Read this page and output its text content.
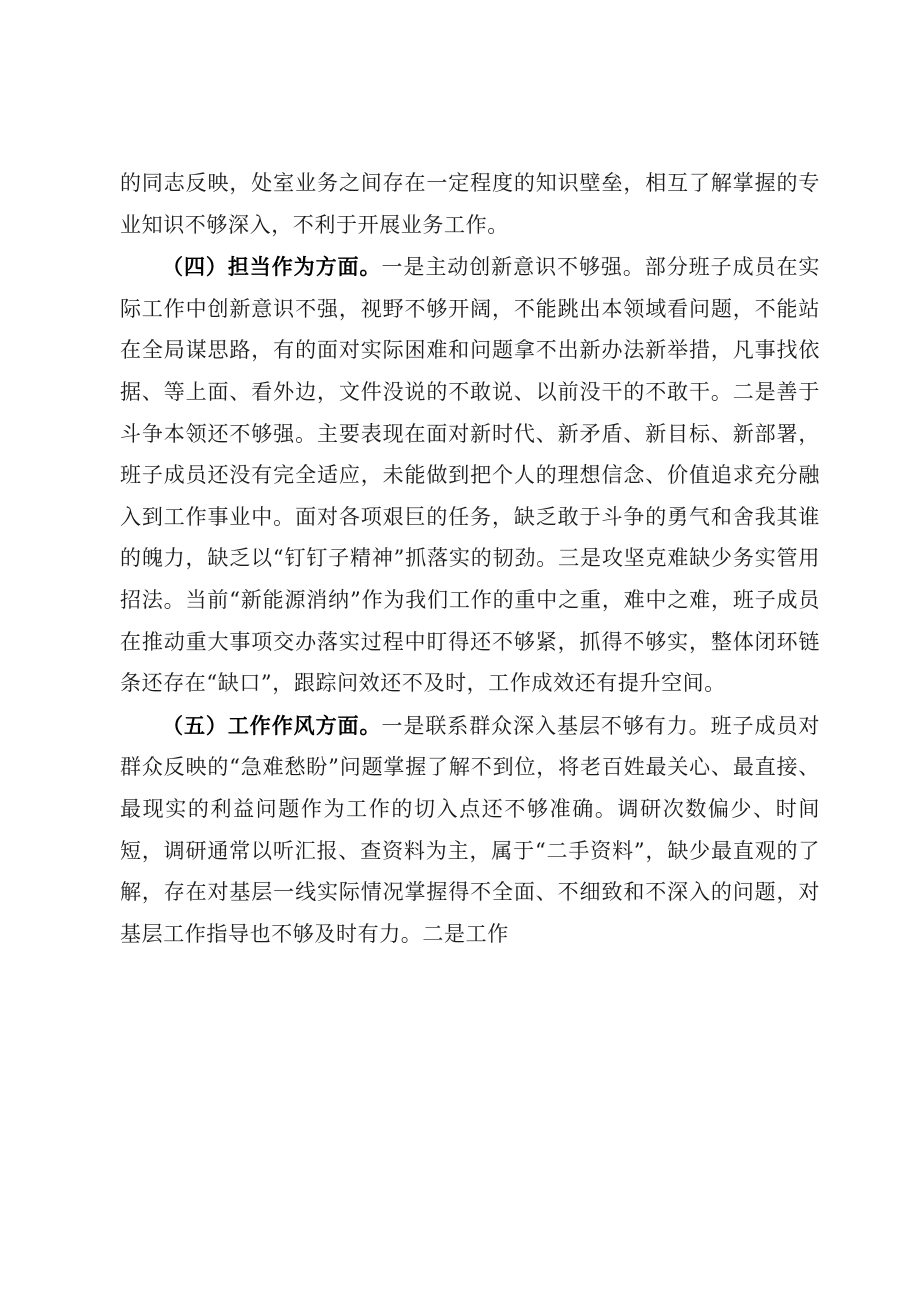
的同志反映，处室业务之间存在一定程度的知识壁垒，相互了解掌握的专业知识不够深入，不利于开展业务工作。

（四）担当作为方面。一是主动创新意识不够强。部分班子成员在实际工作中创新意识不强，视野不够开阔，不能跳出本领域看问题，不能站在全局谋思路，有的面对实际困难和问题拿不出新办法新举措，凡事找依据、等上面、看外边，文件没说的不敢说、以前没干的不敢干。二是善于斗争本领还不够强。主要表现在面对新时代、新矛盾、新目标、新部署，班子成员还没有完全适应，未能做到把个人的理想信念、价值追求充分融入到工作事业中。面对各项艰巨的任务，缺乏敢于斗争的勇气和舍我其谁的魄力，缺乏以“钉钉子精神”抓落实的韧劲。三是攻坚克难缺少务实管用招法。当前“新能源消纳”作为我们工作的重中之重，难中之难，班子成员在推动重大事项交办落实过程中盯得还不够紧，抓得不够实，整体闭环链条还存在“缺口”，跟踪问效还不及时，工作成效还有提升空间。

（五）工作作风方面。一是联系群众深入基层不够有力。班子成员对群众反映的“急难愁盼”问题掌握了解不到位，将老百姓最关心、最直接、最现实的利益问题作为工作的切入点还不够准确。调研次数偏少、时间短，调研通常以听汇报、查资料为主，属于“二手资料”，缺少最直观的了解，存在对基层一线实际情况掌握得不全面、不细致和不深入的问题，对基层工作指导也不够及时有力。二是工作
